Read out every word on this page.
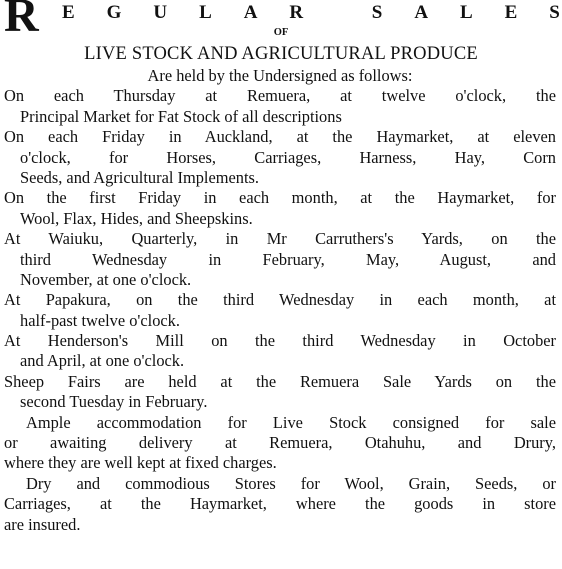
R E G U L A R
	S A L E S
OF
LIVE STOCK AND AGRICULTURAL PRODUCE
Are held by the Undersigned as follows:
On each Thursday at Remuera, at twelve o'clock, the
Principal Market for Fat Stock of all descriptions
On each Friday in Auckland, at the Haymarket, at eleven
o'clock, for Horses, Carriages, Harness, Hay, Corn
Seeds, and Agricultural Implements.
On the first Friday in each month, at the Haymarket, for
Wool, Flax, Hides, and Sheepskins.
At Waiuku, Quarterly, in Mr Carruthers's Yards, on the
third Wednesday in February, May, August, and
November, at one o'clock.
At Papakura, on the third Wednesday in each month, at
half-past twelve o'clock.
At Henderson's Mill on the third Wednesday in October
and April, at one o'clock.
Sheep Fairs are held at the Remuera Sale Yards on the
second Tuesday in February.
Ample accommodation for Live Stock consigned for sale
or awaiting delivery at Remuera, Otahuhu, and Drury,
where they are well kept at fixed charges.
Dry and commodious Stores for Wool, Grain, Seeds, or
Carriages, at the Haymarket, where the goods in store
are insured.
